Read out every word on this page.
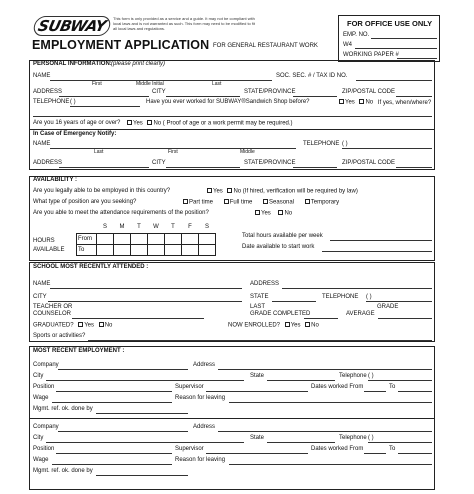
SUBWAY This form is only provided as a service and a guide. It may not be compliant with
local laws and is not warranted as such. This form may need to be modified to fit
all local laws and regulations.
EMPLOYMENT APPLICATION FOR GENERAL RESTAURANT WORK
FOR OFFICE USE ONLY
EMP. NO.
W4
WORKING PAPER #
PERSONAL INFORMATION: (please print clearly)
NAME	SOC. SEC. # / TAX ID NO.
First	Middle Initial	Last
ADDRESS	CITY	STATE/PROVINCE	ZIP/POSTAL CODE
TELEPHONE ( )	Have you ever worked for SUBWAY®Sandwich Shop before?	Yes No If yes, when/where?
Are you 16 years of age or over?	Yes No ( Proof of age or a work permit may be required.)
In Case of Emergency Notify:
NAME	TELEPHONE ( )
Last	First	Middle
ADDRESS	CITY	STATE/PROVINCE	ZIP/POSTAL CODE
AVAILABILITY :
Are you legally able to be employed in this country?	Yes No (If hired, verification will be required by law)
What type of position are you seeking?	Part time	Full time	Seasonal	Temporary
Are you able to meet the attendance requirements of the position?	Yes No
	S	M	T	W	T	F	S
From							
To							
HOURS
AVAILABLE
Total hours available per week
Date available to start work
SCHOOL MOST RECENTLY ATTENDED :
NAME	ADDRESS
CITY	STATE	TELEPHONE ( )
TEACHER OR
COUNSELOR
LAST
GRADE COMPLETED
GRADE
AVERAGE
GRADUATED? Yes No	NOW ENROLLED? Yes No
Sports or activities?
MOST RECENT EMPLOYMENT :
Company	Address
City	State	Telephone ( )
Position	Supervisor	Dates worked From	To
Wage	Reason for leaving
Mgmt. ref. ok. done by
Company	Address
City	State	Telephone ( )
Position	Supervisor	Dates worked From	To
Wage	Reason for leaving
Mgmt. ref. ok. done by
